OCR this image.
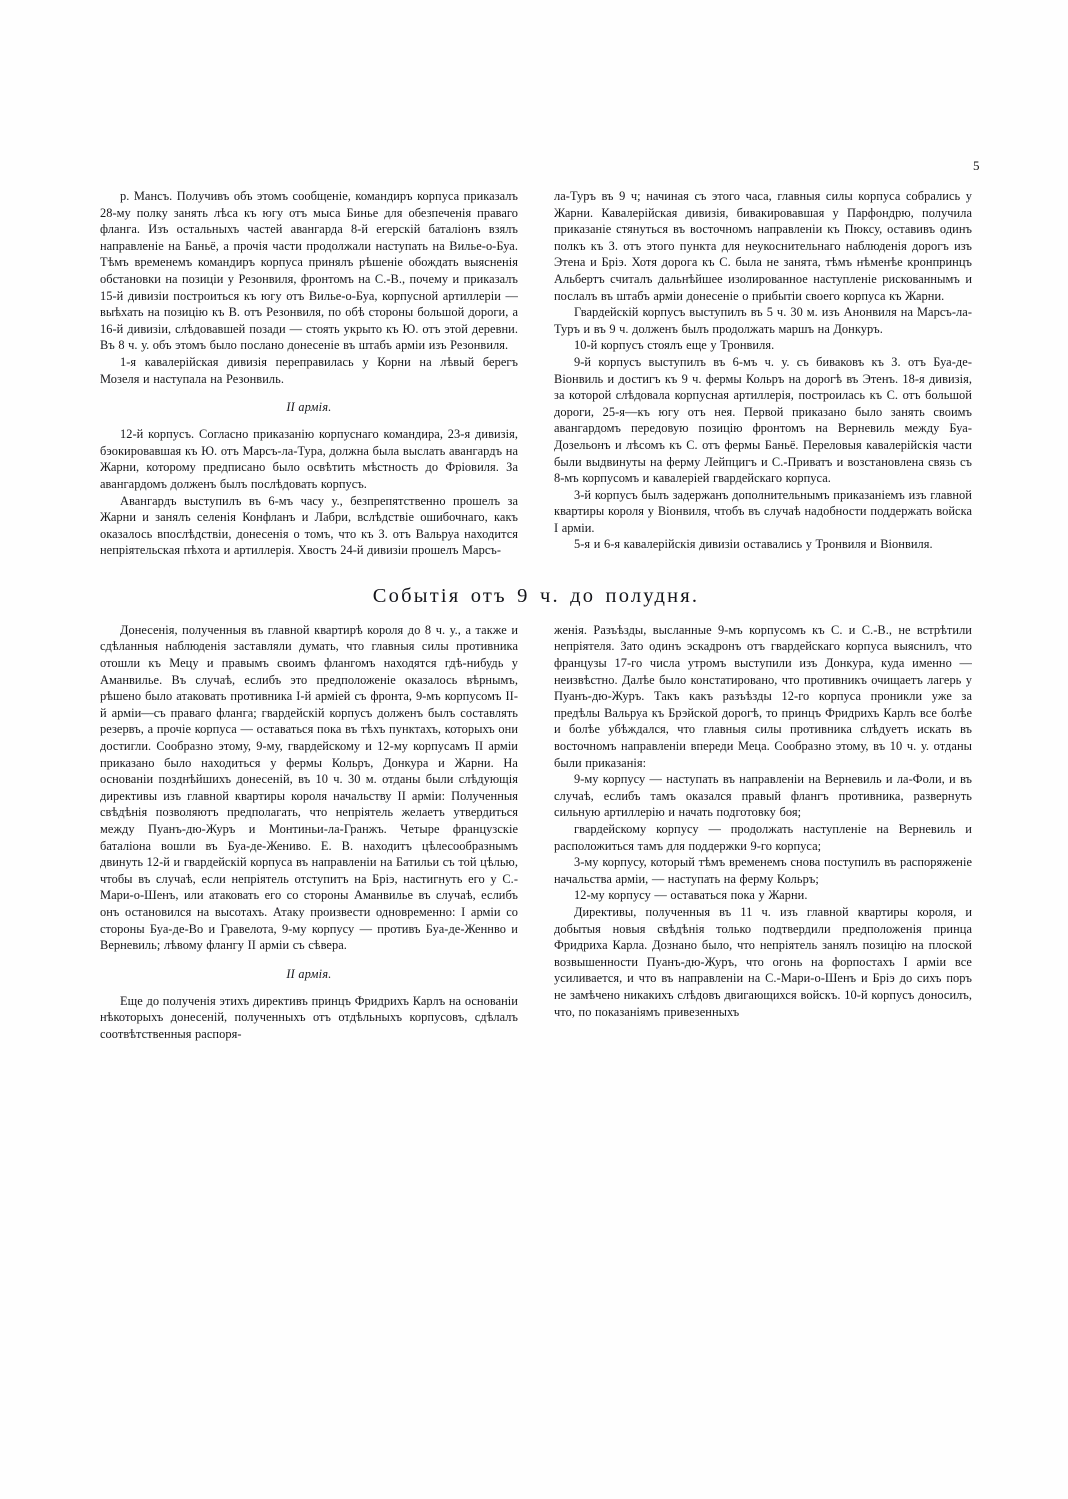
5

р. Мансъ. Получивъ объ этомъ сообщеніе, командиръ корпуса приказалъ 28-му полку занять лѣса къ югу отъ мыса Бинье для обезпеченія праваго фланга. Изъ остальныхъ частей авангарда 8-й егерскій баталіонъ взялъ направленіе на Баньё, а прочія части продолжали наступать на Вилье-о-Буа. Тѣмъ временемъ командиръ корпуса принялъ рѣшеніе обождать выясненія обстановки на позиціи у Резонвиля, фронтомъ на С.-В., почему и приказалъ 15-й дивизіи построиться къ югу отъ Вилье-о-Буа, корпусной артиллеріи — выѣхать на позицію къ В. отъ Резонвиля, по обѣ стороны большой дороги, а 16-й дивизіи, слѣдовавшей позади — стоять укрыто къ Ю. отъ этой деревни. Въ 8 ч. у. объ этомъ было послано донесеніе въ штабъ арміи изъ Резонвиля.

1-я кавалерійская дивизія переправилась у Корни на лѣвый берегъ Мозеля и наступала на Резонвиль.

II армія.

12-й корпусъ. Согласно приказанію корпуснаго командира, 23-я дивизія, бэокировавшая къ Ю. отъ Марсъ-ла-Тура, должна была выслать авангардъ на Жарни, которому предписано было освѣтить мѣстность до Фріовиля. За авангардомъ долженъ былъ послѣдовать корпусъ.

Авангардъ выступилъ въ 6-мъ часу у., безпрепятственно прошелъ за Жарни и занялъ селенія Конфланъ и Лабри, вслѣдствіе ошибочнаго, какъ оказалось впослѣдствіи, донесенія о томъ, что къ З. отъ Вальруа находится непріятельская пѣхота и артиллерія. Хвостъ 24-й дивизіи прошелъ Марсъ-

ла-Туръ въ 9 ч; начиная съ этого часа, главныя силы корпуса собрались у Жарни. Кавалерійская дивизія, бивакировавшая у Парфондрю, получила приказаніе стянуться въ восточномъ направленіи къ Пюксу, оставивъ одинъ полкъ къ З. отъ этого пункта для неукоснительнаго наблюденія дорогъ изъ Этена и Бріэ. Хотя дорога къ С. была не занята, тѣмъ нѣменѣе кронпринцъ Альбертъ считалъ дальнѣйшее изолированное наступленіе рискованнымъ и послалъ въ штабъ арміи донесеніе о прибытіи своего корпуса къ Жарни.

Гвардейскій корпусъ выступилъ въ 5 ч. 30 м. изъ Анонвиля на Марсъ-ла-Туръ и въ 9 ч. долженъ былъ продолжать маршъ на Донкуръ.

10-й корпусъ стоялъ еще у Тронвиля.

9-й корпусъ выступилъ въ 6-мъ ч. у. съ биваковъ къ З. отъ Буа-де-Віонвиль и достигъ къ 9 ч. фермы Кольръ на дорогѣ въ Этенъ. 18-я дивизія, за которой слѣдовала корпусная артиллерія, построилась къ С. отъ большой дороги, 25-я—къ югу отъ нея. Первой приказано было занять своимъ авангардомъ передовую позицію фронтомъ на Верневиль между Буа-Дозельонъ и лѣсомъ къ С. отъ фермы Баньё. Переловыя кавалерійскія части были выдвинуты на ферму Лейпцигъ и С.-Приватъ и возстановлена связь съ 8-мъ корпусомъ и кавалеріей гвардейскаго корпуса.

3-й корпусъ былъ задержанъ дополнительнымъ приказаніемъ изъ главной квартиры короля у Віонвиля, чтобъ въ случаѣ надобности поддержать войска I арміи.

5-я и 6-я кавалерійскія дивизіи оставались у Тронвиля и Віонвиля.

Событія отъ 9 ч. до полудня.

Донесенія, полученныя въ главной квартирѣ короля до 8 ч. у., а также и сдѣланныя наблюденія заставляли думать, что главныя силы противника отошли къ Мецу и правымъ своимъ флангомъ находятся гдѣ-нибудь у Аманвилье. Въ случаѣ, еслибъ это предположеніе оказалось вѣрнымъ, рѣшено было атаковать противника I-й арміей съ фронта, 9-мъ корпусомъ II-й арміи—съ праваго фланга; гвардейскій корпусъ долженъ былъ составлять резервъ, а прочіе корпуса — оставаться пока въ тѣхъ пунктахъ, которыхъ они достигли. Сообразно этому, 9-му, гвардейскому и 12-му корпусамъ II арміи приказано было находиться у фермы Кольръ, Донкура и Жарни. На основаніи позднѣйшихъ донесеній, въ 10 ч. 30 м. отданы были слѣдующія директивы изъ главной квартиры короля начальству II арміи: Полученныя свѣдѣнія позволяютъ предполагать, что непріятель желаетъ утвердиться между Пуанъ-дю-Журъ и Монтиньи-ла-Гранжъ. Четыре французскіе баталіона вошли въ Буа-де-Жениво. Е. В. находитъ цѣлесообразнымъ двинуть 12-й и гвардейскій корпуса въ направленіи на Батильи съ той цѣлью, чтобы въ случаѣ, если непріятель отступитъ на Бріэ, настигнуть его у С.-Мари-о-Шенъ, или атаковать его со стороны Аманвилье въ случаѣ, еслибъ онъ остановился на высотахъ. Атаку произвести одновременно: I арміи со стороны Буа-де-Во и Гравелота, 9-му корпусу — противъ Буа-де-Женнво и Верневиль; лѣвому флангу II арміи съ сѣвера.

II армія.

Еще до полученія этихъ директивъ принцъ Фридрихъ Карлъ на основаніи нѣкоторыхъ донесеній, полученныхъ отъ отдѣльныхъ корпусовъ, сдѣлалъ соотвѣтственныя распоря-

женія. Разъѣзды, высланные 9-мъ корпусомъ къ С. и С.-В., не встрѣтили непріятеля. Зато одинъ эскадронъ отъ гвардейскаго корпуса выяснилъ, что французы 17-го числа утромъ выступили изъ Донкура, куда именно — неизвѣстно. Далѣе было констатировано, что противникъ очищаетъ лагерь у Пуанъ-дю-Журъ. Такъ какъ разъѣзды 12-го корпуса проникли уже за предѣлы Вальруа къ Брэйской дорогѣ, то принцъ Фридрихъ Карлъ все болѣе и болѣе убѣждался, что главныя силы противника слѣдуетъ искать въ восточномъ направленіи впереди Меца. Сообразно этому, въ 10 ч. у. отданы были приказанія:

9-му корпусу — наступать въ направленіи на Верневиль и ла-Фоли, и въ случаѣ, еслибъ тамъ оказался правый флангъ противника, развернуть сильную артиллерію и начать подготовку боя;

гвардейскому корпусу — продолжать наступленіе на Верневиль и расположиться тамъ для поддержки 9-го корпуса;

3-му корпусу, который тѣмъ временемъ снова поступилъ въ распоряженіе начальства арміи, — наступать на ферму Кольръ;

12-му корпусу — оставаться пока у Жарни.

Директивы, полученныя въ 11 ч. изъ главной квартиры короля, и добытыя новыя свѣдѣнія только подтвердили предположенія принца Фридриха Карла. Дознано было, что непріятель занялъ позицію на плоской возвышенности Пуанъ-дю-Журъ, что огонь на форпостахъ I арміи все усиливается, и что въ направленіи на С.-Мари-о-Шенъ и Бріэ до сихъ поръ не замѣчено никакихъ слѣдовъ двигающихся войскъ. 10-й корпусъ доносилъ, что, по показаніямъ привезенныхъ
